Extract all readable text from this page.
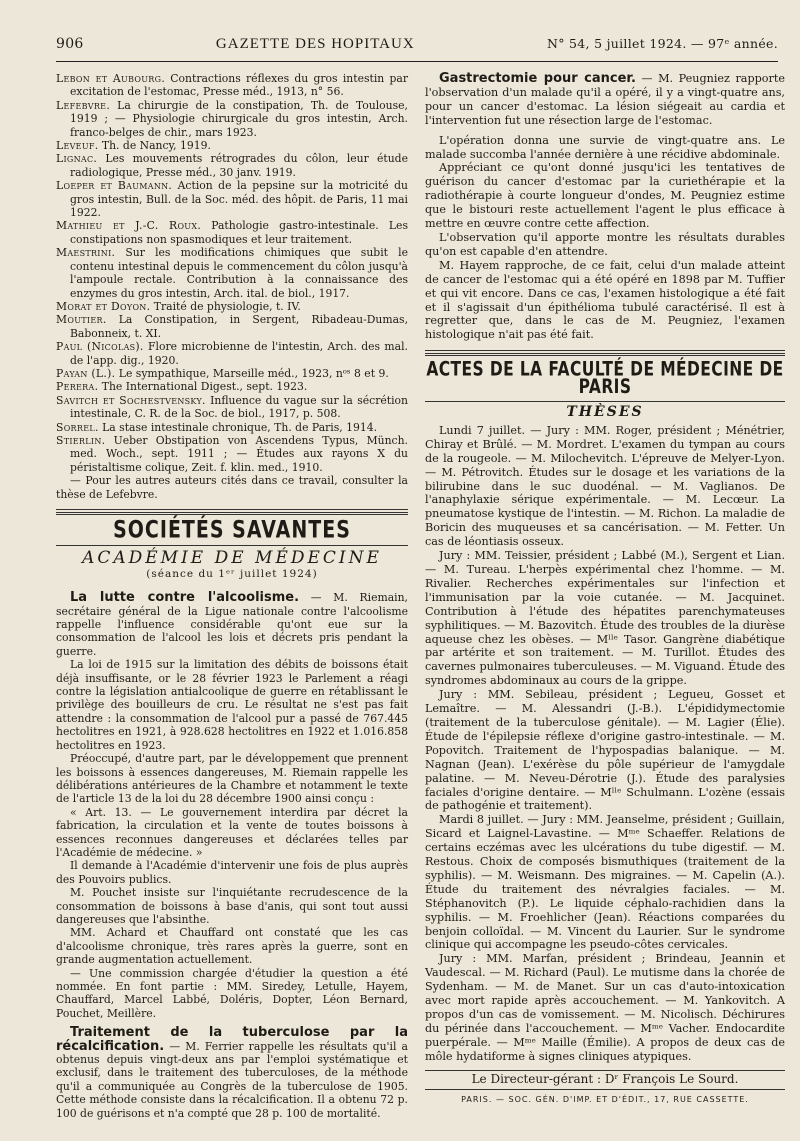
906	GAZETTE DES HOPITAUX	N° 54, 5 juillet 1924. — 97ᵉ année.

Lebon et Aubourg. Contractions réflexes du gros intestin par excitation de l'estomac, Presse méd., 1913, n° 56.

Lefebvre. La chirurgie de la constipation, Th. de Toulouse, 1919 ; — Physiologie chirurgicale du gros intestin, Arch. franco-belges de chir., mars 1923.

Leveuf. Th. de Nancy, 1919.

Lignac. Les mouvements rétrogrades du côlon, leur étude radiologique, Presse méd., 30 janv. 1919.

Loeper et Baumann. Action de la pepsine sur la motricité du gros intestin, Bull. de la Soc. méd. des hôpit. de Paris, 11 mai 1922.

Mathieu et J.-C. Roux. Pathologie gastro-intestinale. Les constipations non spasmodiques et leur traitement.

Maestrini. Sur les modifications chimiques que subit le contenu intestinal depuis le commencement du côlon jusqu'à l'ampoule rectale. Contribution à la connaissance des enzymes du gros intestin, Arch. ital. de biol., 1917.

Morat et Doyon. Traité de physiologie, t. IV.

Moutier. La Constipation, in Sergent, Ribadeau-Dumas, Babonneix, t. XI.

Paul (Nicolas). Flore microbienne de l'intestin, Arch. des mal. de l'app. dig., 1920.

Payan (L.). Le sympathique, Marseille méd., 1923, nᵒˢ 8 et 9.

Perera. The International Digest., sept. 1923.

Savitch et Sochestvensky. Influence du vague sur la sécrétion intestinale, C. R. de la Soc. de biol., 1917, p. 508.

Sorrel. La stase intestinale chronique, Th. de Paris, 1914.

Stierlin. Ueber Obstipation von Ascendens Typus, Münch. med. Woch., sept. 1911 ; — Études aux rayons X du péristaltisme colique, Zeit. f. klin. med., 1910.

— Pour les autres auteurs cités dans ce travail, consulter la thèse de Lefebvre.

SOCIÉTÉS SAVANTES
ACADÉMIE DE MÉDECINE
(séance du 1ᵉʳ juillet 1924)

La lutte contre l'alcoolisme. — M. Riemain, secrétaire général de la Ligue nationale contre l'alcoolisme rappelle l'influence considérable qu'ont eue sur la consommation de l'alcool les lois et décrets pris pendant la guerre.

La loi de 1915 sur la limitation des débits de boissons était déjà insuffisante, or le 28 février 1923 le Parlement a réagi contre la législation antialcoolique de guerre en rétablissant le privilège des bouilleurs de cru. Le résultat ne s'est pas fait attendre : la consommation de l'alcool pur a passé de 767.445 hectolitres en 1921, à 928.628 hectolitres en 1922 et 1.016.858 hectolitres en 1923.

Préoccupé, d'autre part, par le développement que prennent les boissons à essences dangereuses, M. Riemain rappelle les délibérations antérieures de la Chambre et notamment le texte de l'article 13 de la loi du 28 décembre 1900 ainsi conçu :

« Art. 13. — Le gouvernement interdira par décret la fabrication, la circulation et la vente de toutes boissons à essences reconnues dangereuses et déclarées telles par l'Académie de médecine. »

Il demande à l'Académie d'intervenir une fois de plus auprès des Pouvoirs publics.

M. Pouchet insiste sur l'inquiétante recrudescence de la consommation de boissons à base d'anis, qui sont tout aussi dangereuses que l'absinthe.

MM. Achard et Chauffard ont constaté que les cas d'alcoolisme chronique, très rares après la guerre, sont en grande augmentation actuellement.

— Une commission chargée d'étudier la question a été nommée. En font partie : MM. Siredey, Letulle, Hayem, Chauffard, Marcel Labbé, Doléris, Dopter, Léon Bernard, Pouchet, Meillère.

Traitement de la tuberculose par la récalcification. — M. Ferrier rappelle les résultats qu'il a obtenus depuis vingt-deux ans par l'emploi systématique et exclusif, dans le traitement des tuberculoses, de la méthode qu'il a communiquée au Congrès de la tuberculose de 1905. Cette méthode consiste dans la récalcification. Il a obtenu 72 p. 100 de guérisons et n'a compté que 28 p. 100 de mortalité.

Gastrectomie pour cancer. — M. Peugniez rapporte l'observation d'un malade qu'il a opéré, il y a vingt-quatre ans, pour un cancer d'estomac. La lésion siégeait au cardia et l'intervention fut une résection large de l'estomac.

L'opération donna une survie de vingt-quatre ans. Le malade succomba l'année dernière à une récidive abdominale.

Appréciant ce qu'ont donné jusqu'ici les tentatives de guérison du cancer d'estomac par la curiethérapie et la radiothérapie à courte longueur d'ondes, M. Peugniez estime que le bistouri reste actuellement l'agent le plus efficace à mettre en œuvre contre cette affection.

L'observation qu'il apporte montre les résultats durables qu'on est capable d'en attendre.

M. Hayem rapproche, de ce fait, celui d'un malade atteint de cancer de l'estomac qui a été opéré en 1898 par M. Tuffier et qui vit encore. Dans ce cas, l'examen histologique a été fait et il s'agissait d'un épithélioma tubulé caractérisé. Il est à regretter que, dans le cas de M. Peugniez, l'examen histologique n'ait pas été fait.

ACTES DE LA FACULTÉ DE MÉDECINE DE PARIS
THÈSES

Lundi 7 juillet. — Jury : MM. Roger, président ; Ménétrier, Chiray et Brûlé. — M. Mordret. L'examen du tympan au cours de la rougeole. — M. Milochevitch. L'épreuve de Melyer-Lyon. — M. Pétrovitch. Études sur le dosage et les variations de la bilirubine dans le suc duodénal. — M. Vaglianos. De l'anaphylaxie sérique expérimentale. — M. Lecœur. La pneumatose kystique de l'intestin. — M. Richon. La maladie de Boricin des muqueuses et sa cancérisation. — M. Fetter. Un cas de léontiasis osseux.

Jury : MM. Teissier, président ; Labbé (M.), Sergent et Lian. — M. Tureau. L'herpès expérimental chez l'homme. — M. Rivalier. Recherches expérimentales sur l'infection et l'immunisation par la voie cutanée. — M. Jacquinet. Contribution à l'étude des hépatites parenchymateuses syphilitiques. — M. Bazovitch. Étude des troubles de la diurèse aqueuse chez les obèses. — Mˡˡᵉ Tasor. Gangrène diabétique par artérite et son traitement. — M. Turillot. Études des cavernes pulmonaires tuberculeuses. — M. Viguand. Étude des syndromes abdominaux au cours de la grippe.

Jury : MM. Sebileau, président ; Legueu, Gosset et Lemaître. — M. Alessandri (J.-B.). L'épididymectomie (traitement de la tuberculose génitale). — M. Lagier (Élie). Étude de l'épilepsie réflexe d'origine gastro-intestinale. — M. Popovitch. Traitement de l'hypospadias balanique. — M. Nagnan (Jean). L'exérèse du pôle supérieur de l'amygdale palatine. — M. Neveu-Dérotrie (J.). Étude des paralysies faciales d'origine dentaire. — Mˡˡᵉ Schulmann. L'ozène (essais de pathogénie et traitement).

Mardi 8 juillet. — Jury : MM. Jeanselme, président ; Guillain, Sicard et Laignel-Lavastine. — Mᵐᵉ Schaeffer. Relations de certains eczémas avec les ulcérations du tube digestif. — M. Restous. Choix de composés bismuthiques (traitement de la syphilis). — M. Weismann. Des migraines. — M. Capelin (A.). Étude du traitement des névralgies faciales. — M. Stéphanovitch (P.). Le liquide céphalo-rachidien dans la syphilis. — M. Froehlicher (Jean). Réactions comparées du benjoin colloïdal. — M. Vincent du Laurier. Sur le syndrome clinique qui accompagne les pseudo-côtes cervicales.

Jury : MM. Marfan, président ; Brindeau, Jeannin et Vaudescal. — M. Richard (Paul). Le mutisme dans la chorée de Sydenham. — M. de Manet. Sur un cas d'auto-intoxication avec mort rapide après accouchement. — M. Yankovitch. A propos d'un cas de vomissement. — M. Nicolisch. Déchirures du périnée dans l'accouchement. — Mᵐᵉ Vacher. Endocardite puerpérale. — Mᵐᵉ Maille (Émilie). A propos de deux cas de môle hydatiforme à signes cliniques atypiques.

Le Directeur-gérant : Dʳ François Le Sourd.
PARIS. — SOC. GÉN. D'IMP. ET D'ÉDIT., 17, RUE CASSETTE.
